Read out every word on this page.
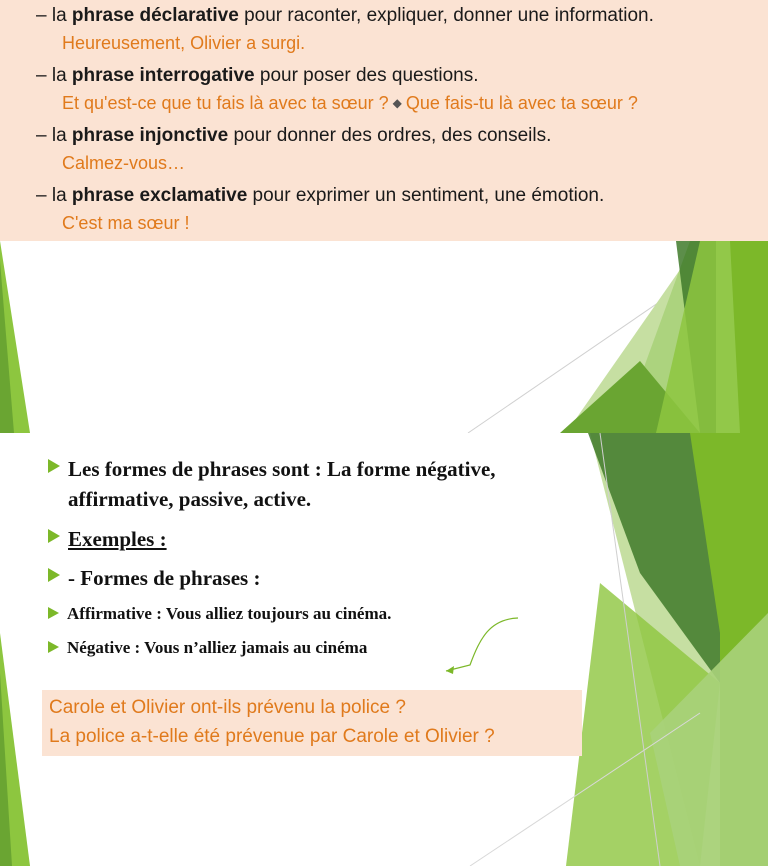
– la phrase déclarative pour raconter, expliquer, donner une information.
Heureusement, Olivier a surgi.
– la phrase interrogative pour poser des questions.
Et qu'est-ce que tu fais là avec ta sœur ? ◆ Que fais-tu là avec ta sœur ?
– la phrase injonctive pour donner des ordres, des conseils.
Calmez-vous…
– la phrase exclamative pour exprimer un sentiment, une émotion.
C'est ma sœur !
Les formes de phrases sont : La forme négative,
affirmative, passive, active.
Exemples :
- Formes de phrases :
Affirmative : Vous alliez toujours au cinéma.
Négative : Vous n’alliez jamais au cinéma
Carole et Olivier ont-ils prévenu la police ?
La police a-t-elle été prévenue par Carole et Olivier ?
